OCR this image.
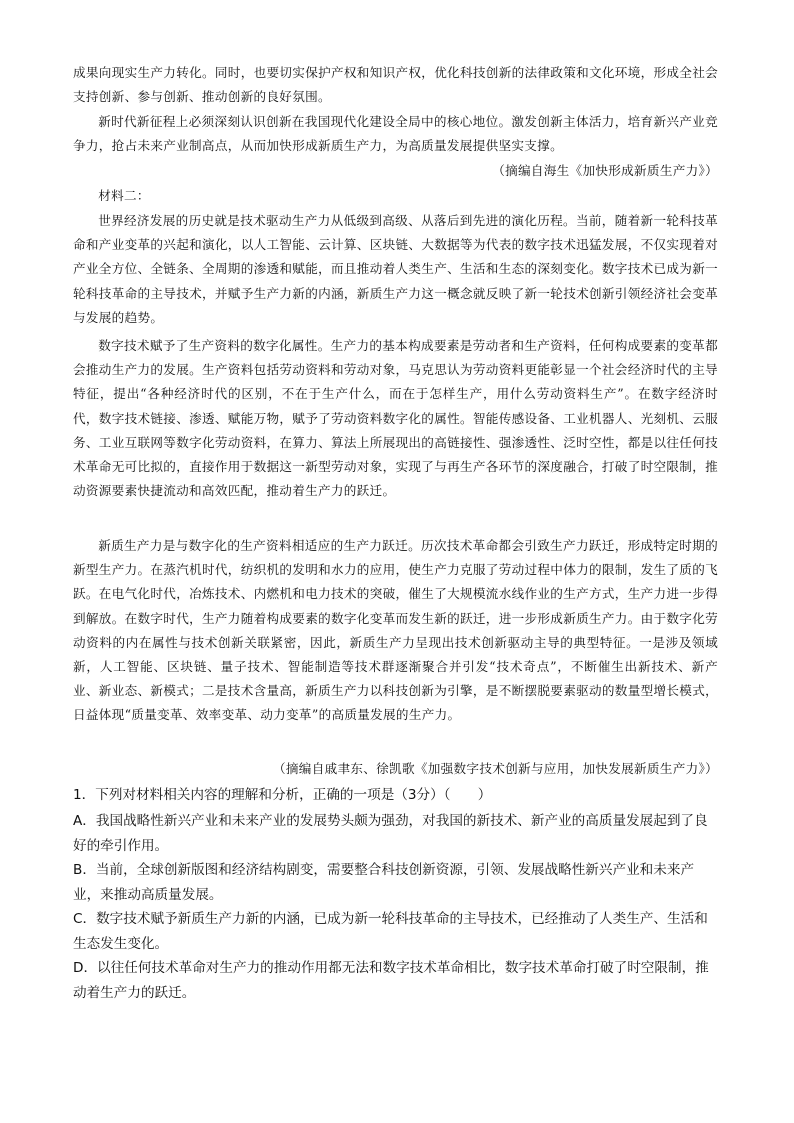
成果向现实生产力转化。同时，也要切实保护产权和知识产权，优化科技创新的法律政策和文化环境，形成全社会支持创新、参与创新、推动创新的良好氛围。

新时代新征程上必须深刻认识创新在我国现代化建设全局中的核心地位。激发创新主体活力，培育新兴产业竞争力，抢占未来产业制高点，从而加快形成新质生产力，为高质量发展提供坚实支撑。

（摘编自海生《加快形成新质生产力》）

材料二：

世界经济发展的历史就是技术驱动生产力从低级到高级、从落后到先进的演化历程。当前，随着新一轮科技革命和产业变革的兴起和演化，以人工智能、云计算、区块链、大数据等为代表的数字技术迅猛发展，不仅实现着对产业全方位、全链条、全周期的渗透和赋能，而且推动着人类生产、生活和生态的深刻变化。数字技术已成为新一轮科技革命的主导技术，并赋予生产力新的内涵，新质生产力这一概念就反映了新一轮技术创新引领经济社会变革与发展的趋势。

数字技术赋予了生产资料的数字化属性。生产力的基本构成要素是劳动者和生产资料，任何构成要素的变革都会推动生产力的发展。生产资料包括劳动资料和劳动对象，马克思认为劳动资料更能彰显一个社会经济时代的主导特征，提出“各种经济时代的区别，不在于生产什么，而在于怎样生产，用什么劳动资料生产”。在数字经济时代，数字技术链接、渗透、赋能万物，赋予了劳动资料数字化的属性。智能传感设备、工业机器人、光刻机、云服务、工业互联网等数字化劳动资料，在算力、算法上所展现出的高链接性、强渗透性、泛时空性，都是以往任何技术革命无可比拟的，直接作用于数据这一新型劳动对象，实现了与再生产各环节的深度融合，打破了时空限制，推动资源要素快捷流动和高效匹配，推动着生产力的跃迁。

新质生产力是与数字化的生产资料相适应的生产力跃迁。历次技术革命都会引致生产力跃迁，形成特定时期的新型生产力。在蒸汽机时代，纺织机的发明和水力的应用，使生产力克服了劳动过程中体力的限制，发生了质的飞跃。在电气化时代，冶炼技术、内燃机和电力技术的突破，催生了大规模流水线作业的生产方式，生产力进一步得到解放。在数字时代，生产力随着构成要素的数字化变革而发生新的跃迁，进一步形成新质生产力。由于数字化劳动资料的内在属性与技术创新关联紧密，因此，新质生产力呈现出技术创新驱动主导的典型特征。一是涉及领域新，人工智能、区块链、量子技术、智能制造等技术群逐渐聚合并引发“技术奇点”，不断催生出新技术、新产业、新业态、新模式；二是技术含量高，新质生产力以科技创新为引擎，是不断摆脱要素驱动的数量型增长模式，日益体现“质量变革、效率变革、动力变革”的高质量发展的生产力。

（摘编自戚聿东、徐凯歌《加强数字技术创新与应用，加快发展新质生产力》）

1．下列对材料相关内容的理解和分析，正确的一项是（3分）（　　）

A．我国战略性新兴产业和未来产业的发展势头颇为强劲，对我国的新技术、新产业的高质量发展起到了良好的牵引作用。

B．当前，全球创新版图和经济结构剧变，需要整合科技创新资源，引领、发展战略性新兴产业和未来产业，来推动高质量发展。

C．数字技术赋予新质生产力新的内涵，已成为新一轮科技革命的主导技术，已经推动了人类生产、生活和生态发生变化。

D．以往任何技术革命对生产力的推动作用都无法和数字技术革命相比，数字技术革命打破了时空限制，推动着生产力的跃迁。
